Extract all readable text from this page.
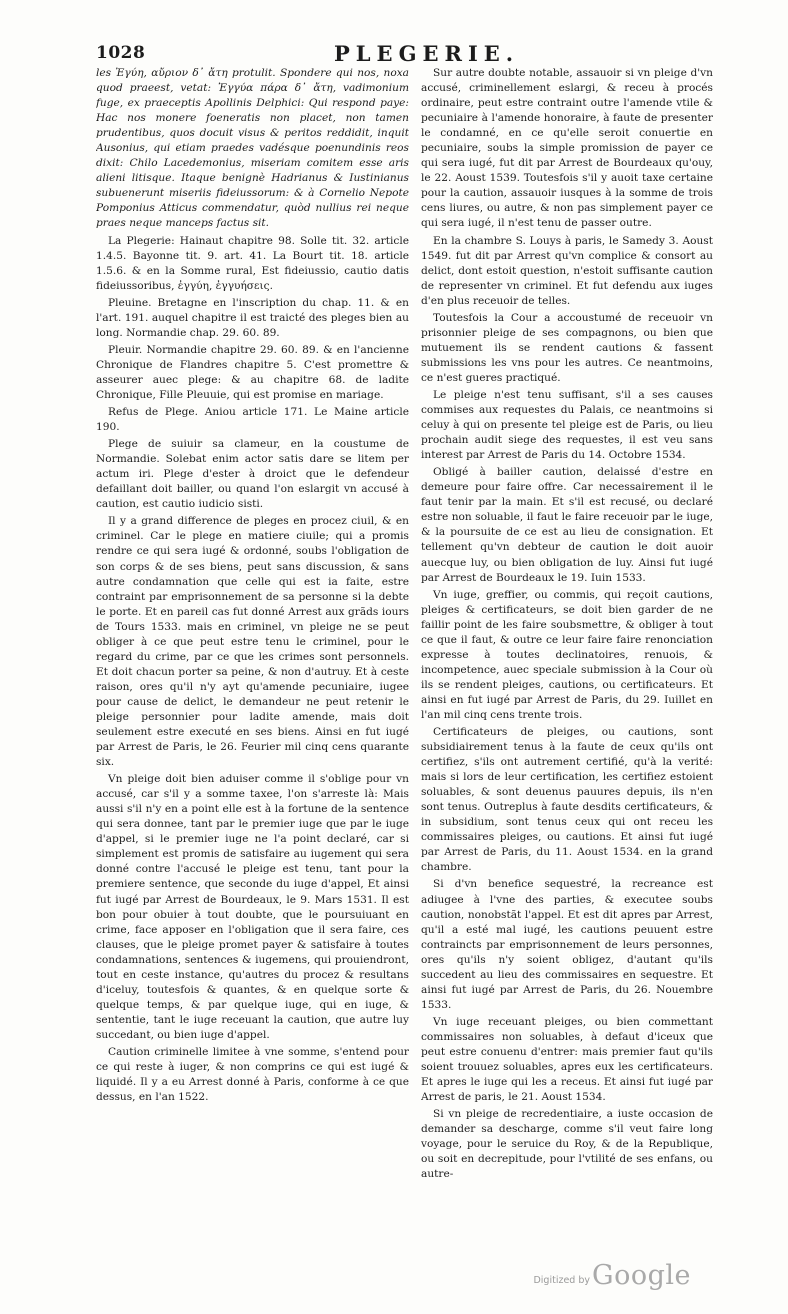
1028	PLEGERIE.

les Ἐγύη, αὔριον δ᾽ ἄτη protulit. Spondere qui nos, noxa quod praeest, vetat: Ἐγγύα πάρα δ᾽ ἄτη, vadimonium fuge, ex praeceptis Apollinis Delphici: Qui respond paye: Hac nos monere foeneratis non placet, non tamen prudentibus, quos docuit visus & peritos reddidit, inquit Ausonius, qui etiam praedes vadésque poenundinis reos dixit: Chilo Lacedemonius, miseriam comitem esse aris alieni litisque. Itaque benignè Hadrianus & Iustinianus subuenerunt miseriis fideiussorum: & à Cornelio Nepote Pomponius Atticus commendatur, quòd nullius rei neque praes neque manceps factus sit.

La Plegerie: Hainaut chapitre 98. Solle tit. 32. article 1.4.5. Bayonne tit. 9. art. 41. La Bourt tit. 18. article 1.5.6. & en la Somme rural, Est fideiussio, cautio datis fideiussoribus, ἐγγύη, ἐγγυήσεις.

Pleuine. Bretagne en l'inscription du chap. 11. & en l'art. 191. auquel chapitre il est traicté des pleges bien au long. Normandie chap. 29. 60. 89.

Pleuir. Normandie chapitre 29. 60. 89. & en l'ancienne Chronique de Flandres chapitre 5. C'est promettre & asseurer auec plege: & au chapitre 68. de ladite Chronique, Fille Pleuuie, qui est promise en mariage.

Refus de Plege. Aniou article 171. Le Maine article 190.

Plege de suiuir sa clameur, en la coustume de Normandie. Solebat enim actor satis dare se litem per actum iri. Plege d'ester à droict que le defendeur defaillant doit bailler, ou quand l'on eslargit vn accusé à caution, est cautio iudicio sisti.

Il y a grand difference de pleges en procez ciuil, & en criminel. Car le plege en matiere ciuile; qui a promis rendre ce qui sera iugé & ordonné, soubs l'obligation de son corps & de ses biens, peut sans discussion, & sans autre condamnation que celle qui est ia faite, estre contraint par emprisonnement de sa personne si la debte le porte. Et en pareil cas fut donné Arrest aux grãds iours de Tours 1533. mais en criminel, vn pleige ne se peut obliger à ce que peut estre tenu le criminel, pour le regard du crime, par ce que les crimes sont personnels. Et doit chacun porter sa peine, & non d'autruy. Et à ceste raison, ores qu'il n'y ayt qu'amende pecuniaire, iugee pour cause de delict, le demandeur ne peut retenir le pleige personnier pour ladite amende, mais doit seulement estre executé en ses biens. Ainsi en fut iugé par Arrest de Paris, le 26. Feurier mil cinq cens quarante six.

Vn pleige doit bien aduiser comme il s'oblige pour vn accusé, car s'il y a somme taxee, l'on s'arreste là: Mais aussi s'il n'y en a point elle est à la fortune de la sentence qui sera donnee, tant par le premier iuge que par le iuge d'appel, si le premier iuge ne l'a point declaré, car si simplement est promis de satisfaire au iugement qui sera donné contre l'accusé le pleige est tenu, tant pour la premiere sentence, que seconde du iuge d'appel, Et ainsi fut iugé par Arrest de Bourdeaux, le 9. Mars 1531. Il est bon pour obuier à tout doubte, que le poursuiuant en crime, face apposer en l'obligation que il sera faire, ces clauses, que le pleige promet payer & satisfaire à toutes condamnations, sentences & iugemens, qui prouiendront, tout en ceste instance, qu'autres du procez & resultans d'iceluy, toutesfois & quantes, & en quelque sorte & quelque temps, & par quelque iuge, qui en iuge, & sententie, tant le iuge receuant la caution, que autre luy succedant, ou bien iuge d'appel.

Caution criminelle limitee à vne somme, s'entend pour ce qui reste à iuger, & non comprins ce qui est iugé & liquidé. Il y a eu Arrest donné à Paris, conforme à ce que dessus, en l'an 1522.

Sur autre doubte notable, assauoir si vn pleige d'vn accusé, criminellement eslargi, & receu à procés ordinaire, peut estre contraint outre l'amende vtile & pecuniaire à l'amende honoraire, à faute de presenter le condamné, en ce qu'elle seroit conuertie en pecuniaire, soubs la simple promission de payer ce qui sera iugé, fut dit par Arrest de Bourdeaux qu'ouy, le 22. Aoust 1539. Toutesfois s'il y auoit taxe certaine pour la caution, assauoir iusques à la somme de trois cens liures, ou autre, & non pas simplement payer ce qui sera iugé, il n'est tenu de passer outre.

En la chambre S. Louys à paris, le Samedy 3. Aoust 1549. fut dit par Arrest qu'vn complice & consort au delict, dont estoit question, n'estoit suffisante caution de representer vn criminel. Et fut defendu aux iuges d'en plus receuoir de telles.

Toutesfois la Cour a accoustumé de receuoir vn prisonnier pleige de ses compagnons, ou bien que mutuement ils se rendent cautions & fassent submissions les vns pour les autres. Ce neantmoins, ce n'est gueres practiqué.

Le pleige n'est tenu suffisant, s'il a ses causes commises aux requestes du Palais, ce neantmoins si celuy à qui on presente tel pleige est de Paris, ou lieu prochain audit siege des requestes, il est veu sans interest par Arrest de Paris du 14. Octobre 1534.

Obligé à bailler caution, delaissé d'estre en demeure pour faire offre. Car necessairement il le faut tenir par la main. Et s'il est recusé, ou declaré estre non soluable, il faut le faire receuoir par le iuge, & la poursuite de ce est au lieu de consignation. Et tellement qu'vn debteur de caution le doit auoir auecque luy, ou bien obligation de luy. Ainsi fut iugé par Arrest de Bourdeaux le 19. Iuin 1533.

Vn iuge, greffier, ou commis, qui reçoit cautions, pleiges & certificateurs, se doit bien garder de ne faillir point de les faire soubsmettre, & obliger à tout ce que il faut, & outre ce leur faire faire renonciation expresse à toutes declinatoires, renuois, & incompetence, auec speciale submission à la Cour où ils se rendent pleiges, cautions, ou certificateurs. Et ainsi en fut iugé par Arrest de Paris, du 29. Iuillet en l'an mil cinq cens trente trois.

Certificateurs de pleiges, ou cautions, sont subsidiairement tenus à la faute de ceux qu'ils ont certifiez, s'ils ont autrement certifié, qu'à la verité: mais si lors de leur certification, les certifiez estoient soluables, & sont deuenus pauures depuis, ils n'en sont tenus. Outreplus à faute desdits certificateurs, & in subsidium, sont tenus ceux qui ont receu les commissaires pleiges, ou cautions. Et ainsi fut iugé par Arrest de Paris, du 11. Aoust 1534. en la grand chambre.

Si d'vn benefice sequestré, la recreance est adiugee à l'vne des parties, & executee soubs caution, nonobstãt l'appel. Et est dit apres par Arrest, qu'il a esté mal iugé, les cautions peuuent estre contraincts par emprisonnement de leurs personnes, ores qu'ils n'y soient obligez, d'autant qu'ils succedent au lieu des commissaires en sequestre. Et ainsi fut iugé par Arrest de Paris, du 26. Nouembre 1533.

Vn iuge receuant pleiges, ou bien commettant commissaires non soluables, à defaut d'iceux que peut estre conuenu d'entrer: mais premier faut qu'ils soient trouuez soluables, apres eux les certificateurs. Et apres le iuge qui les a receus. Et ainsi fut iugé par Arrest de paris, le 21. Aoust 1534.

Si vn pleige de recredentiaire, a iuste occasion de demander sa descharge, comme s'il veut faire long voyage, pour le seruice du Roy, & de la Republique, ou soit en decrepitude, pour l'vtilité de ses enfans, ou autre-

Digitized by Google
